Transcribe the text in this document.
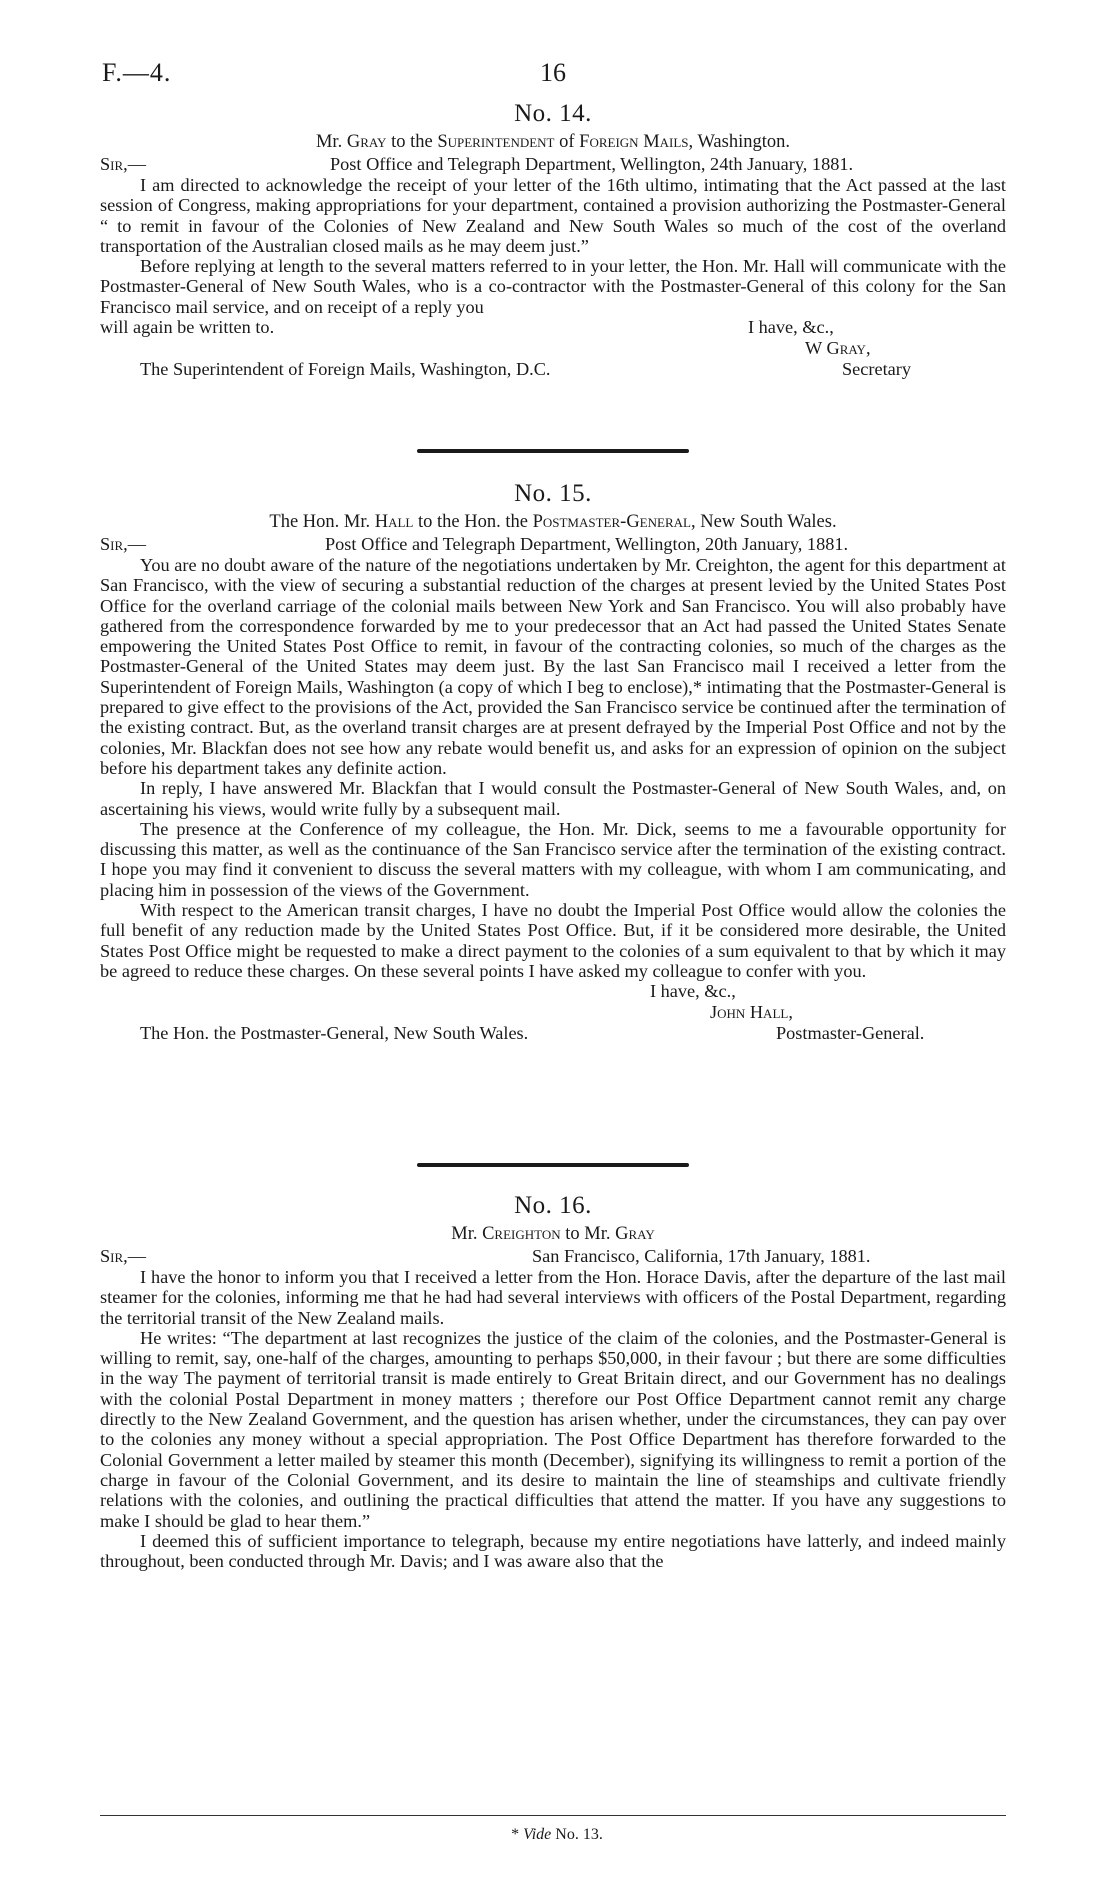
F.—4.	16
No. 14.
Mr. Gray to the Superintendent of Foreign Mails, Washington.
Sir,—	Post Office and Telegraph Department, Wellington, 24th January, 1881.

I am directed to acknowledge the receipt of your letter of the 16th ultimo, intimating that the Act passed at the last session of Congress, making appropriations for your department, contained a provision authorizing the Postmaster-General “ to remit in favour of the Colonies of New Zealand and New South Wales so much of the cost of the overland transportation of the Australian closed mails as he may deem just.”

Before replying at length to the several matters referred to in your letter, the Hon. Mr. Hall will communicate with the Postmaster-General of New South Wales, who is a co-contractor with the Postmaster-General of this colony for the San Francisco mail service, and on receipt of a reply you

will again be written to.	I have, &c.,
W Gray,
The Superintendent of Foreign Mails, Washington, D.C.	Secretary
No. 15.
The Hon. Mr. Hall to the Hon. the Postmaster-General, New South Wales.
Sir,—	Post Office and Telegraph Department, Wellington, 20th January, 1881.

You are no doubt aware of the nature of the negotiations undertaken by Mr. Creighton, the agent for this department at San Francisco, with the view of securing a substantial reduction of the charges at present levied by the United States Post Office for the overland carriage of the colonial mails between New York and San Francisco. You will also probably have gathered from the correspondence forwarded by me to your predecessor that an Act had passed the United States Senate empowering the United States Post Office to remit, in favour of the contracting colonies, so much of the charges as the Postmaster-General of the United States may deem just. By the last San Francisco mail I received a letter from the Superintendent of Foreign Mails, Washington (a copy of which I beg to enclose),* intimating that the Postmaster-General is prepared to give effect to the provisions of the Act, provided the San Francisco service be continued after the termination of the existing contract. But, as the overland transit charges are at present defrayed by the Imperial Post Office and not by the colonies, Mr. Blackfan does not see how any rebate would benefit us, and asks for an expression of opinion on the subject before his department takes any definite action.

In reply, I have answered Mr. Blackfan that I would consult the Postmaster-General of New South Wales, and, on ascertaining his views, would write fully by a subsequent mail.

The presence at the Conference of my colleague, the Hon. Mr. Dick, seems to me a favourable opportunity for discussing this matter, as well as the continuance of the San Francisco service after the termination of the existing contract. I hope you may find it convenient to discuss the several matters with my colleague, with whom I am communicating, and placing him in possession of the views of the Government.

With respect to the American transit charges, I have no doubt the Imperial Post Office would allow the colonies the full benefit of any reduction made by the United States Post Office. But, if it be considered more desirable, the United States Post Office might be requested to make a direct payment to the colonies of a sum equivalent to that by which it may be agreed to reduce these charges. On these several points I have asked my colleague to confer with you.

I have, &c.,
John Hall,
The Hon. the Postmaster-General, New South Wales.	Postmaster-General.
No. 16.
Mr. Creighton to Mr. Gray
Sir,—	San Francisco, California, 17th January, 1881.

I have the honor to inform you that I received a letter from the Hon. Horace Davis, after the departure of the last mail steamer for the colonies, informing me that he had had several interviews with officers of the Postal Department, regarding the territorial transit of the New Zealand mails.

He writes: “The department at last recognizes the justice of the claim of the colonies, and the Postmaster-General is willing to remit, say, one-half of the charges, amounting to perhaps $50,000, in their favour ; but there are some difficulties in the way The payment of territorial transit is made entirely to Great Britain direct, and our Government has no dealings with the colonial Postal Department in money matters ; therefore our Post Office Department cannot remit any charge directly to the New Zealand Government, and the question has arisen whether, under the circumstances, they can pay over to the colonies any money without a special appropriation. The Post Office Department has therefore forwarded to the Colonial Government a letter mailed by steamer this month (December), signifying its willingness to remit a portion of the charge in favour of the Colonial Government, and its desire to maintain the line of steamships and cultivate friendly relations with the colonies, and outlining the practical difficulties that attend the matter. If you have any suggestions to make I should be glad to hear them.”

I deemed this of sufficient importance to telegraph, because my entire negotiations have latterly, and indeed mainly throughout, been conducted through Mr. Davis; and I was aware also that the

* Vide No. 13.
